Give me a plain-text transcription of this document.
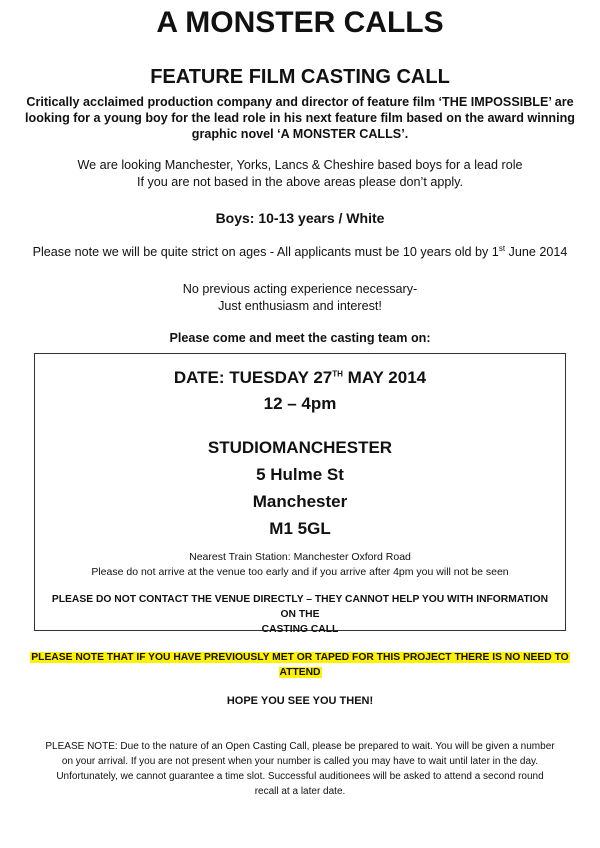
A MONSTER CALLS
FEATURE FILM CASTING CALL
Critically acclaimed production company and director of feature film ‘THE IMPOSSIBLE’ are
looking for a young boy for the lead role in his next feature film based on the award winning
graphic novel ‘A MONSTER CALLS’.
We are looking Manchester, Yorks, Lancs & Cheshire based boys for a lead role
If you are not based in the above areas please don’t apply.
Boys: 10-13 years / White
Please note we will be quite strict on ages - All applicants must be 10 years old by 1st June 2014
No previous acting experience necessary-
Just enthusiasm and interest!
Please come and meet the casting team on:
DATE: TUESDAY 27TH MAY 2014
12 – 4pm
STUDIOMANCHESTER
5 Hulme St
Manchester
M1 5GL
Nearest Train Station: Manchester Oxford Road
Please do not arrive at the venue too early and if you arrive after 4pm you will not be seen
PLEASE DO NOT CONTACT THE VENUE DIRECTLY – THEY CANNOT HELP YOU WITH INFORMATION ON THE
CASTING CALL
PLEASE NOTE THAT IF YOU HAVE PREVIOUSLY MET OR TAPED FOR THIS PROJECT THERE IS NO NEED TO
ATTEND
HOPE YOU SEE YOU THEN!
PLEASE NOTE: Due to the nature of an Open Casting Call, please be prepared to wait. You will be given a number
on your arrival. If you are not present when your number is called you may have to wait until later in the day.
Unfortunately, we cannot guarantee a time slot. Successful auditionees will be asked to attend a second round
recall at a later date.
